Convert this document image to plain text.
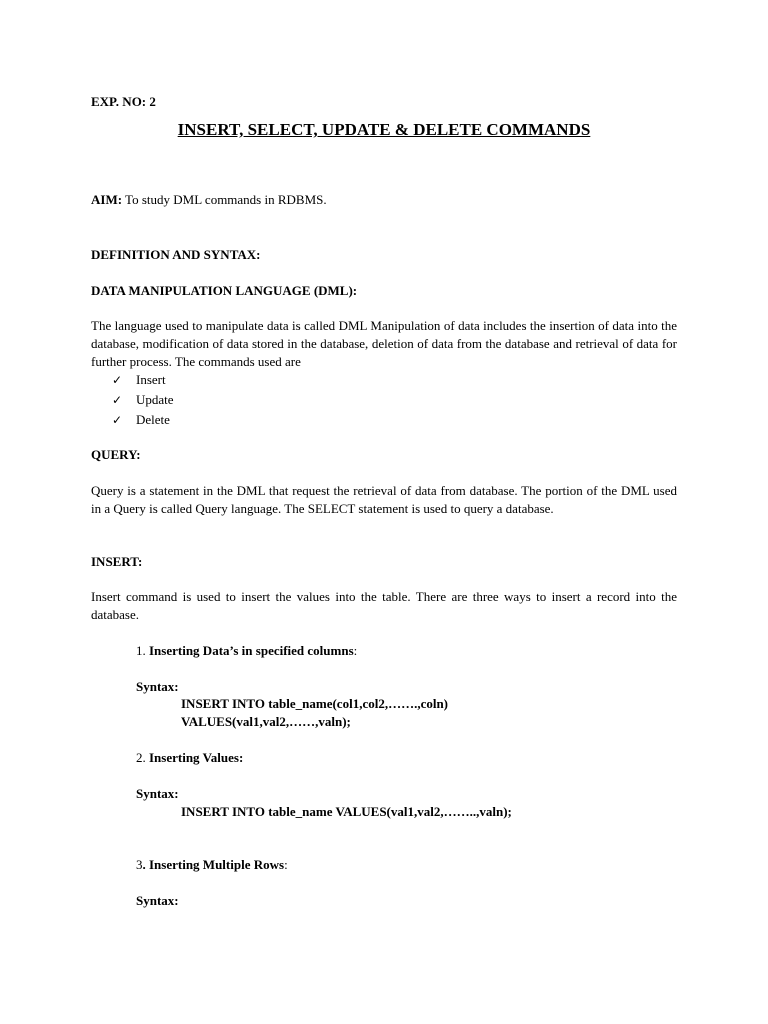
EXP. NO: 2
INSERT, SELECT, UPDATE & DELETE COMMANDS
AIM: To study DML commands in RDBMS.
DEFINITION AND SYNTAX:
DATA MANIPULATION LANGUAGE (DML):
The language used to manipulate data is called DML Manipulation of data includes the insertion of data into the database, modification of data stored in the database, deletion of data from the database and retrieval of data for further process. The commands used are
✓ Insert
✓ Update
✓ Delete
QUERY:
Query is a statement in the DML that request the retrieval of data from database. The portion of the DML used in a Query is called Query language. The SELECT statement is used to query a database.
INSERT:
Insert command is used to insert the values into the table. There are three ways to insert a record into the database.
1. Inserting Data’s in specified columns:
Syntax:
INSERT INTO table_name(col1,col2,…….,coln)
VALUES(val1,val2,……,valn);
2. Inserting Values:
Syntax:
INSERT INTO table_name VALUES(val1,val2,……..,valn);
3. Inserting Multiple Rows:
Syntax:
